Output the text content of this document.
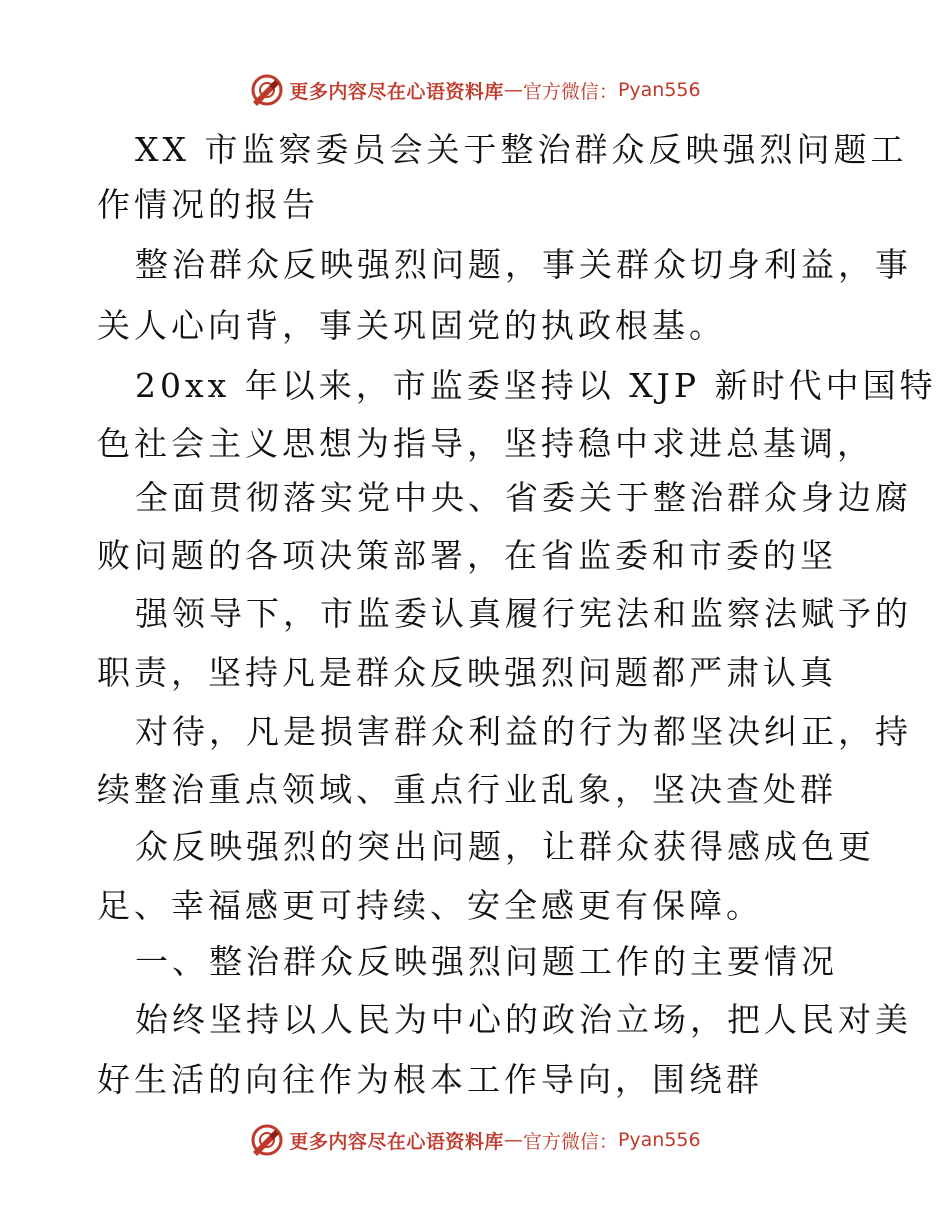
更多内容尽在心语资料库 — 官方微信： Pyan556
XX 市监察委员会关于整治群众反映强烈问题工
作情况的报告
整治群众反映强烈问题，事关群众切身利益，事
关人心向背，事关巩固党的执政根基。
20xx 年以来，市监委坚持以 XJP 新时代中国特
色社会主义思想为指导，坚持稳中求进总基调，
全面贯彻落实党中央、省委关于整治群众身边腐
败问题的各项决策部署，在省监委和市委的坚
强领导下，市监委认真履行宪法和监察法赋予的
职责，坚持凡是群众反映强烈问题都严肃认真
对待，凡是损害群众利益的行为都坚决纠正，持
续整治重点领域、重点行业乱象，坚决查处群
众反映强烈的突出问题，让群众获得感成色更
足、幸福感更可持续、安全感更有保障。
一、整治群众反映强烈问题工作的主要情况
始终坚持以人民为中心的政治立场，把人民对美
好生活的向往作为根本工作导向，围绕群
更多内容尽在心语资料库 — 官方微信： Pyan556
